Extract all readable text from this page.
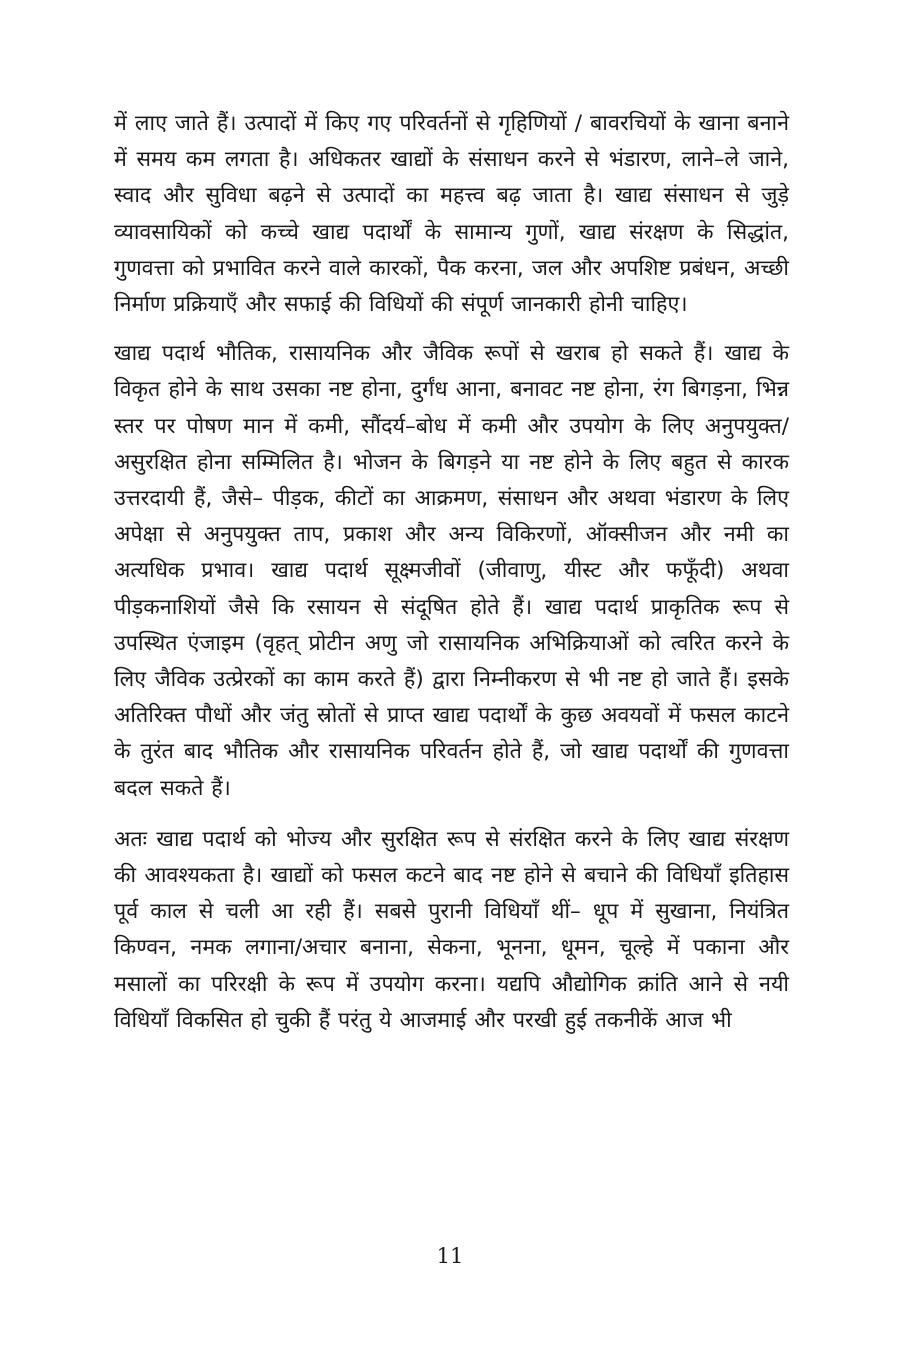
में लाए जाते हैं। उत्पादों में किए गए परिवर्तनों से गृहिणियों / बावरचियों के खाना बनाने में समय कम लगता है। अधिकतर खाद्यों के संसाधन करने से भंडारण, लाने–ले जाने, स्वाद और सुविधा बढ़ने से उत्पादों का महत्त्व बढ़ जाता है। खाद्य संसाधन से जुड़े व्यावसायिकों को कच्चे खाद्य पदार्थों के सामान्य गुणों, खाद्य संरक्षण के सिद्धांत, गुणवत्ता को प्रभावित करने वाले कारकों, पैक करना, जल और अपशिष्ट प्रबंधन, अच्छी निर्माण प्रक्रियाएँ और सफाई की विधियों की संपूर्ण जानकारी होनी चाहिए।

खाद्य पदार्थ भौतिक, रासायनिक और जैविक रूपों से खराब हो सकते हैं। खाद्य के विकृत होने के साथ उसका नष्ट होना, दुर्गंध आना, बनावट नष्ट होना, रंग बिगड़ना, भिन्न स्तर पर पोषण मान में कमी, सौंदर्य–बोध में कमी और उपयोग के लिए अनुपयुक्त/असुरक्षित होना सम्मिलित है। भोजन के बिगड़ने या नष्ट होने के लिए बहुत से कारक उत्तरदायी हैं, जैसे– पीड़क, कीटों का आक्रमण, संसाधन और अथवा भंडारण के लिए अपेक्षा से अनुपयुक्त ताप, प्रकाश और अन्य विकिरणों, ऑक्सीजन और नमी का अत्यधिक प्रभाव। खाद्य पदार्थ सूक्ष्मजीवों (जीवाणु, यीस्ट और फफूँदी) अथवा पीड़कनाशियों जैसे कि रसायन से संदूषित होते हैं। खाद्य पदार्थ प्राकृतिक रूप से उपस्थित एंजाइम (वृहत् प्रोटीन अणु जो रासायनिक अभिक्रियाओं को त्वरित करने के लिए जैविक उत्प्रेरकों का काम करते हैं) द्वारा निम्नीकरण से भी नष्ट हो जाते हैं। इसके अतिरिक्त पौधों और जंतु स्रोतों से प्राप्त खाद्य पदार्थों के कुछ अवयवों में फसल काटने के तुरंत बाद भौतिक और रासायनिक परिवर्तन होते हैं, जो खाद्य पदार्थों की गुणवत्ता बदल सकते हैं।

अतः खाद्य पदार्थ को भोज्य और सुरक्षित रूप से संरक्षित करने के लिए खाद्य संरक्षण की आवश्यकता है। खाद्यों को फसल कटने बाद नष्ट होने से बचाने की विधियाँ इतिहास पूर्व काल से चली आ रही हैं। सबसे पुरानी विधियाँ थीं– धूप में सुखाना, नियंत्रित किण्वन, नमक लगाना/अचार बनाना, सेकना, भूनना, धूमन, चूल्हे में पकाना और मसालों का परिरक्षी के रूप में उपयोग करना। यद्यपि औद्योगिक क्रांति आने से नयी विधियाँ विकसित हो चुकी हैं परंतु ये आजमाई और परखी हुई तकनीकें आज भी

11
